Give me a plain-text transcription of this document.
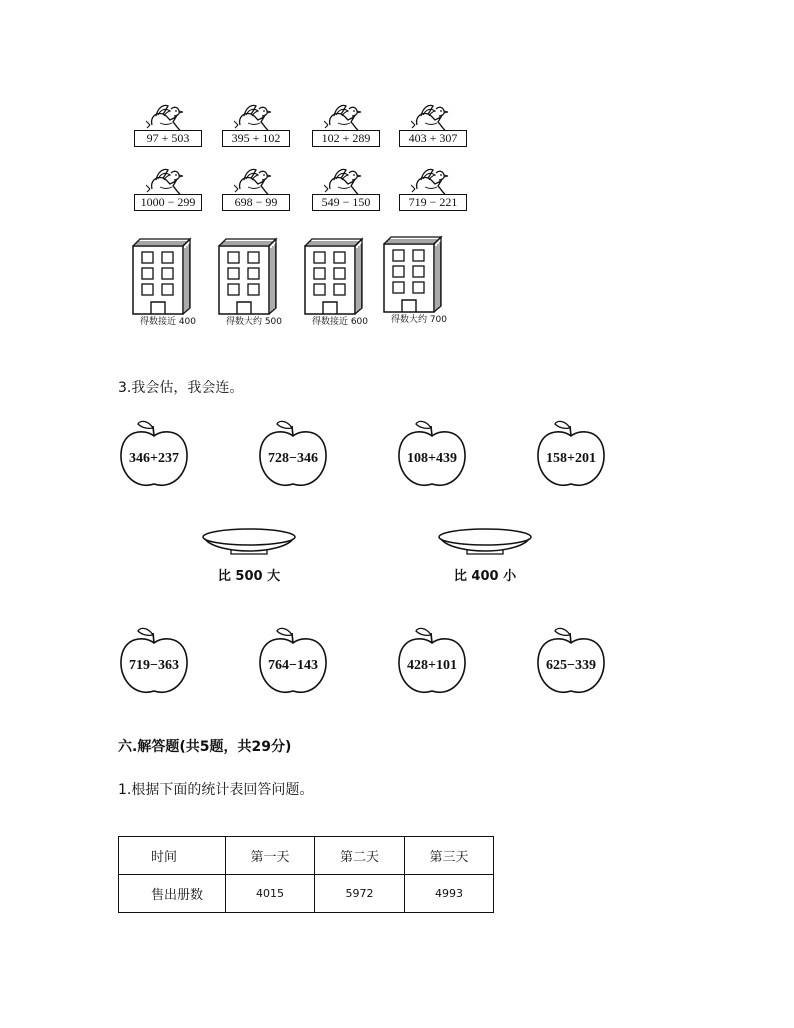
97 + 503	395 + 102	102 + 289	403 + 307
1000 − 299	698 − 99	549 − 150	719 − 221
得数接近 400	得数大约 500	得数接近 600	得数大约 700
3.我会估，我会连。
346+237	728−346	108+439	158+201
比 500 大	比 400 小
719−363	764−143	428+101	625−339
六.解答题(共5题，共29分)
1.根据下面的统计表回答问题。
时间	第一天	第二天	第三天
售出册数	4015	5972	4993
